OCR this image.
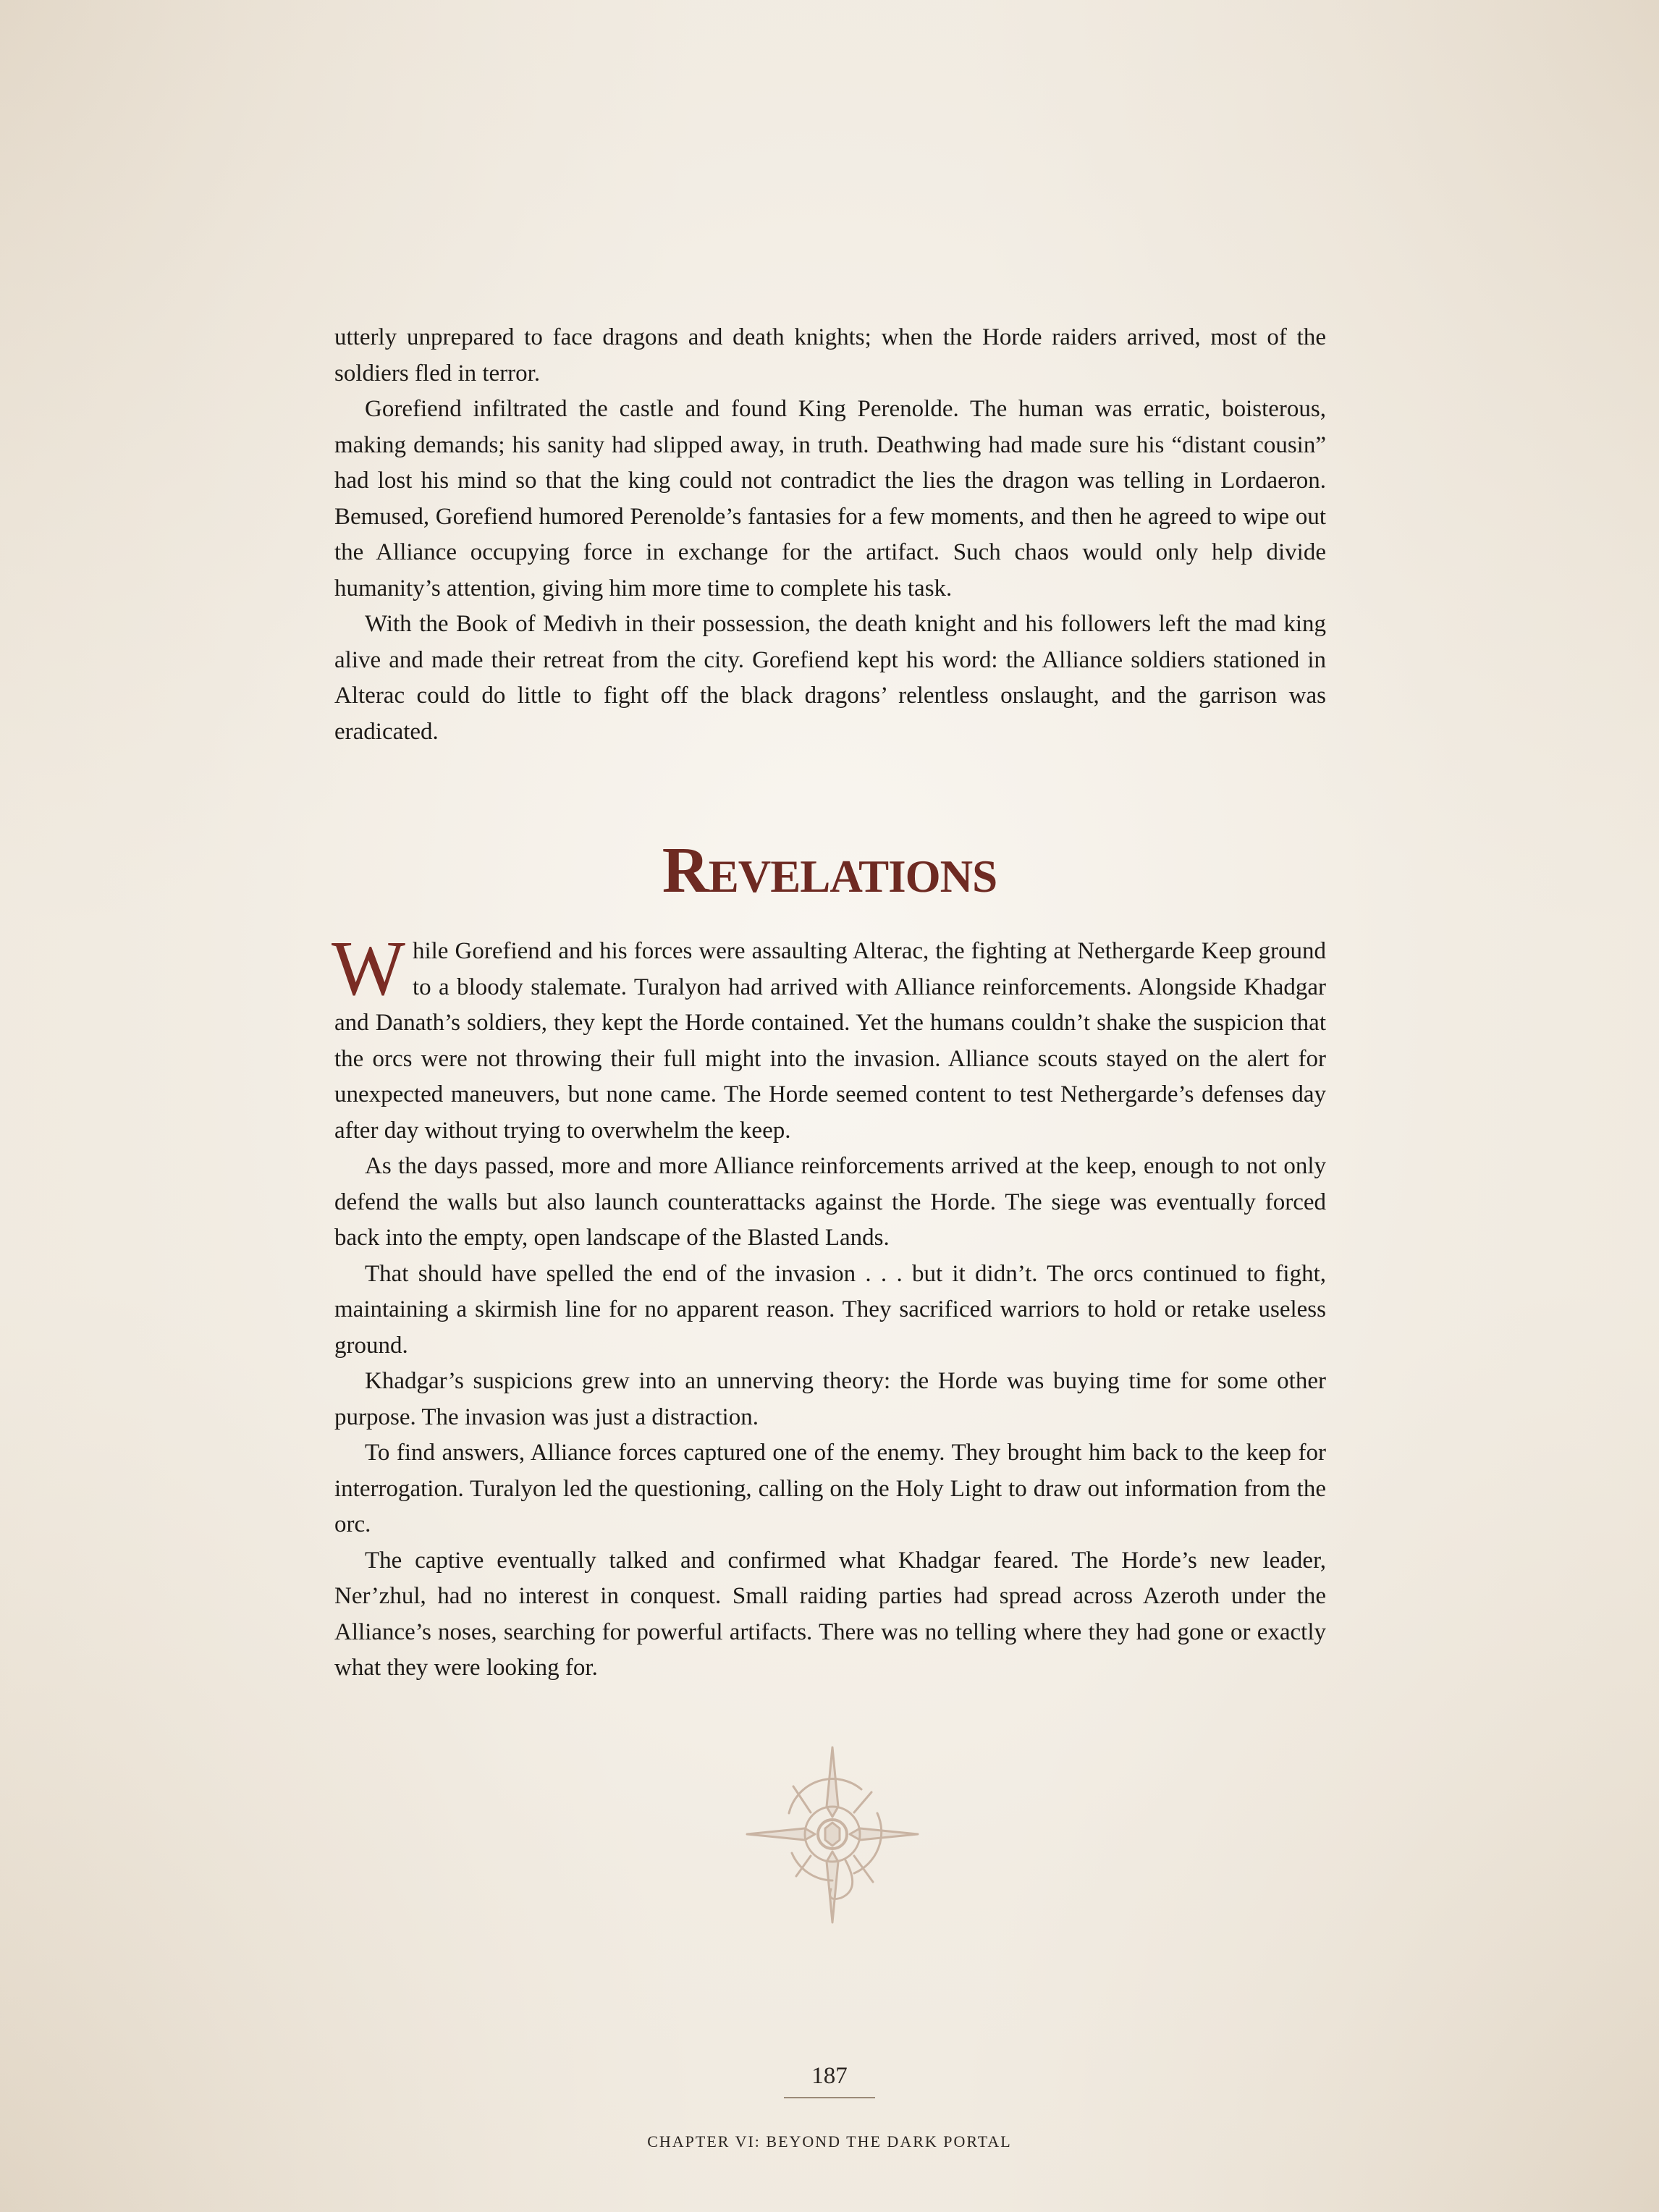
utterly unprepared to face dragons and death knights; when the Horde raiders arrived, most of the soldiers fled in terror.

Gorefiend infiltrated the castle and found King Perenolde. The human was erratic, boisterous, making demands; his sanity had slipped away, in truth. Deathwing had made sure his “distant cousin” had lost his mind so that the king could not contradict the lies the dragon was telling in Lordaeron. Bemused, Gorefiend humored Perenolde’s fantasies for a few moments, and then he agreed to wipe out the Alliance occupying force in exchange for the artifact. Such chaos would only help divide humanity’s attention, giving him more time to complete his task.

With the Book of Medivh in their possession, the death knight and his followers left the mad king alive and made their retreat from the city. Gorefiend kept his word: the Alliance soldiers stationed in Alterac could do little to fight off the black dragons’ relentless onslaught, and the garrison was eradicated.

Revelations

While Gorefiend and his forces were assaulting Alterac, the fighting at Nethergarde Keep ground to a bloody stalemate. Turalyon had arrived with Alliance reinforcements. Alongside Khadgar and Danath’s soldiers, they kept the Horde contained. Yet the humans couldn’t shake the suspicion that the orcs were not throwing their full might into the invasion. Alliance scouts stayed on the alert for unexpected maneuvers, but none came. The Horde seemed content to test Nethergarde’s defenses day after day without trying to overwhelm the keep.

As the days passed, more and more Alliance reinforcements arrived at the keep, enough to not only defend the walls but also launch counterattacks against the Horde. The siege was eventually forced back into the empty, open landscape of the Blasted Lands.

That should have spelled the end of the invasion . . . but it didn’t. The orcs continued to fight, maintaining a skirmish line for no apparent reason. They sacrificed warriors to hold or retake useless ground.

Khadgar’s suspicions grew into an unnerving theory: the Horde was buying time for some other purpose. The invasion was just a distraction.

To find answers, Alliance forces captured one of the enemy. They brought him back to the keep for interrogation. Turalyon led the questioning, calling on the Holy Light to draw out information from the orc.

The captive eventually talked and confirmed what Khadgar feared. The Horde’s new leader, Ner’zhul, had no interest in conquest. Small raiding parties had spread across Azeroth under the Alliance’s noses, searching for powerful artifacts. There was no telling where they had gone or exactly what they were looking for.

187
CHAPTER VI: BEYOND THE DARK PORTAL
